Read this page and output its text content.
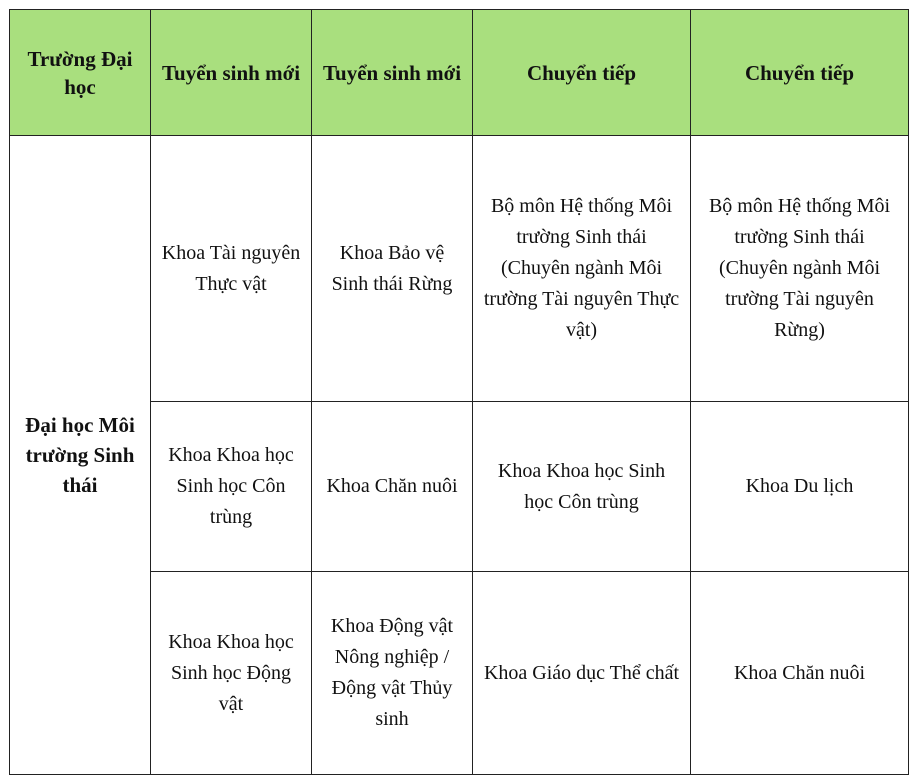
Trường Đại học	Tuyển sinh mới	Tuyển sinh mới	Chuyển tiếp	Chuyển tiếp
Đại học Môi trường Sinh thái	Khoa Tài nguyên Thực vật	Khoa Bảo vệ Sinh thái Rừng	Bộ môn Hệ thống Môi trường Sinh thái (Chuyên ngành Môi trường Tài nguyên Thực vật)	Bộ môn Hệ thống Môi trường Sinh thái (Chuyên ngành Môi trường Tài nguyên Rừng)
	Khoa Khoa học Sinh học Côn trùng	Khoa Chăn nuôi	Khoa Khoa học Sinh học Côn trùng	Khoa Du lịch
	Khoa Khoa học Sinh học Động vật	Khoa Động vật Nông nghiệp / Động vật Thủy sinh	Khoa Giáo dục Thể chất	Khoa Chăn nuôi
